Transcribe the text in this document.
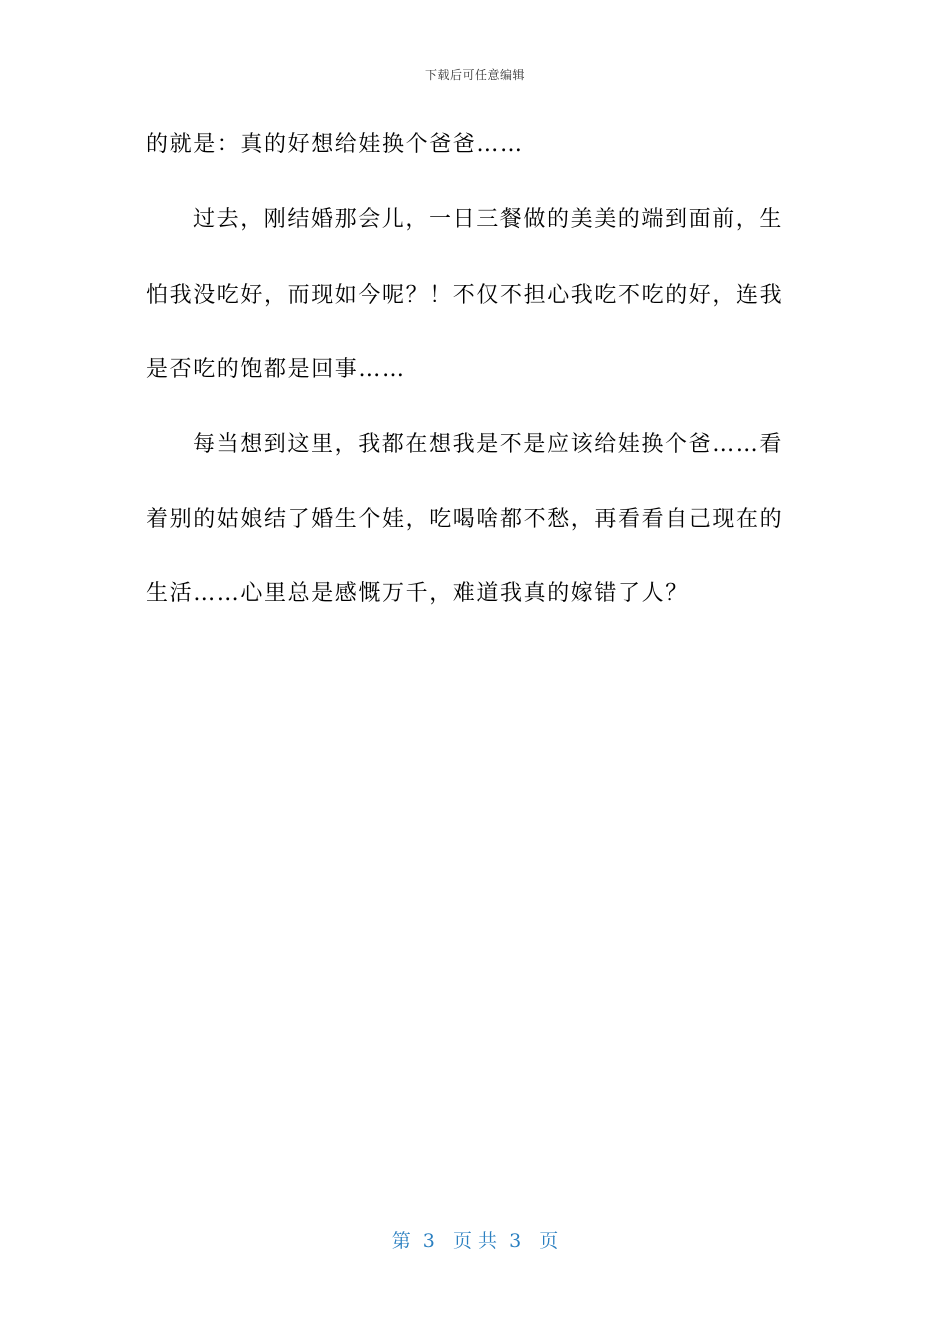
下载后可任意编辑
的就是：真的好想给娃换个爸爸……
过去，刚结婚那会儿，一日三餐做的美美的端到面前，生
怕我没吃好，而现如今呢？！不仅不担心我吃不吃的好，连我
是否吃的饱都是回事……
每当想到这里，我都在想我是不是应该给娃换个爸……看
着别的姑娘结了婚生个娃，吃喝啥都不愁，再看看自己现在的
生活……心里总是感慨万千，难道我真的嫁错了人？
第  3   页 共  3   页
